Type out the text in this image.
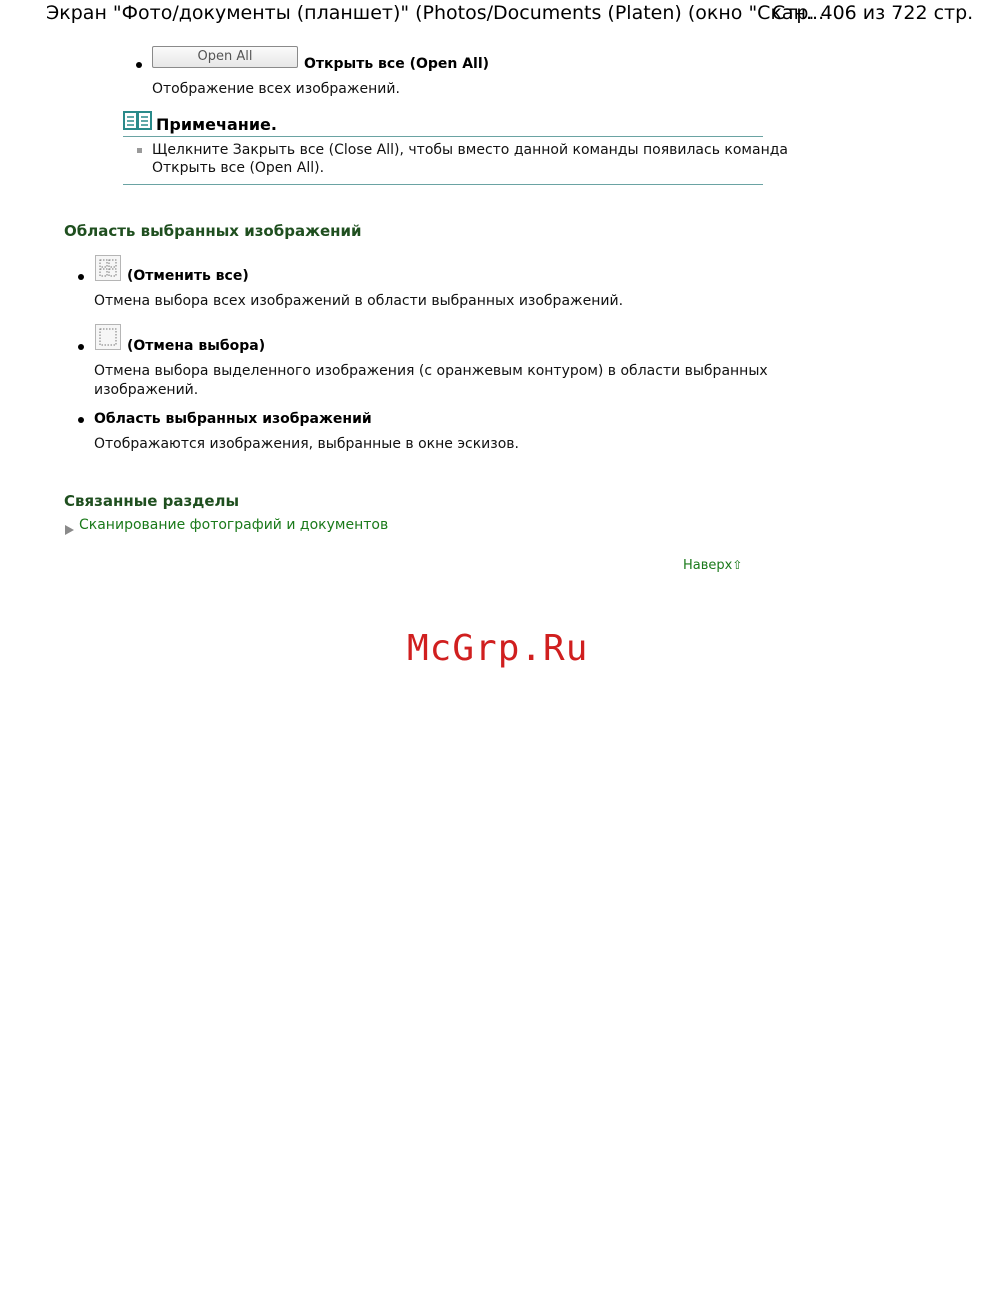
Экран "Фото/документы (планшет)" (Photos/Documents (Platen) (окно "Скан...
Стр. 406 из 722 стр.
Open All	Открыть все (Open All)
Отображение всех изображений.
Примечание.
Щелкните Закрыть все (Close All), чтобы вместо данной команды появилась команда
Открыть все (Open All).
Область выбранных изображений
(Отменить все)
Отмена выбора всех изображений в области выбранных изображений.
(Отмена выбора)
Отмена выбора выделенного изображения (с оранжевым контуром) в области выбранных
изображений.
Область выбранных изображений
Отображаются изображения, выбранные в окне эскизов.
Связанные разделы
Сканирование фотографий и документов
Наверх⇧
McGrp.Ru
